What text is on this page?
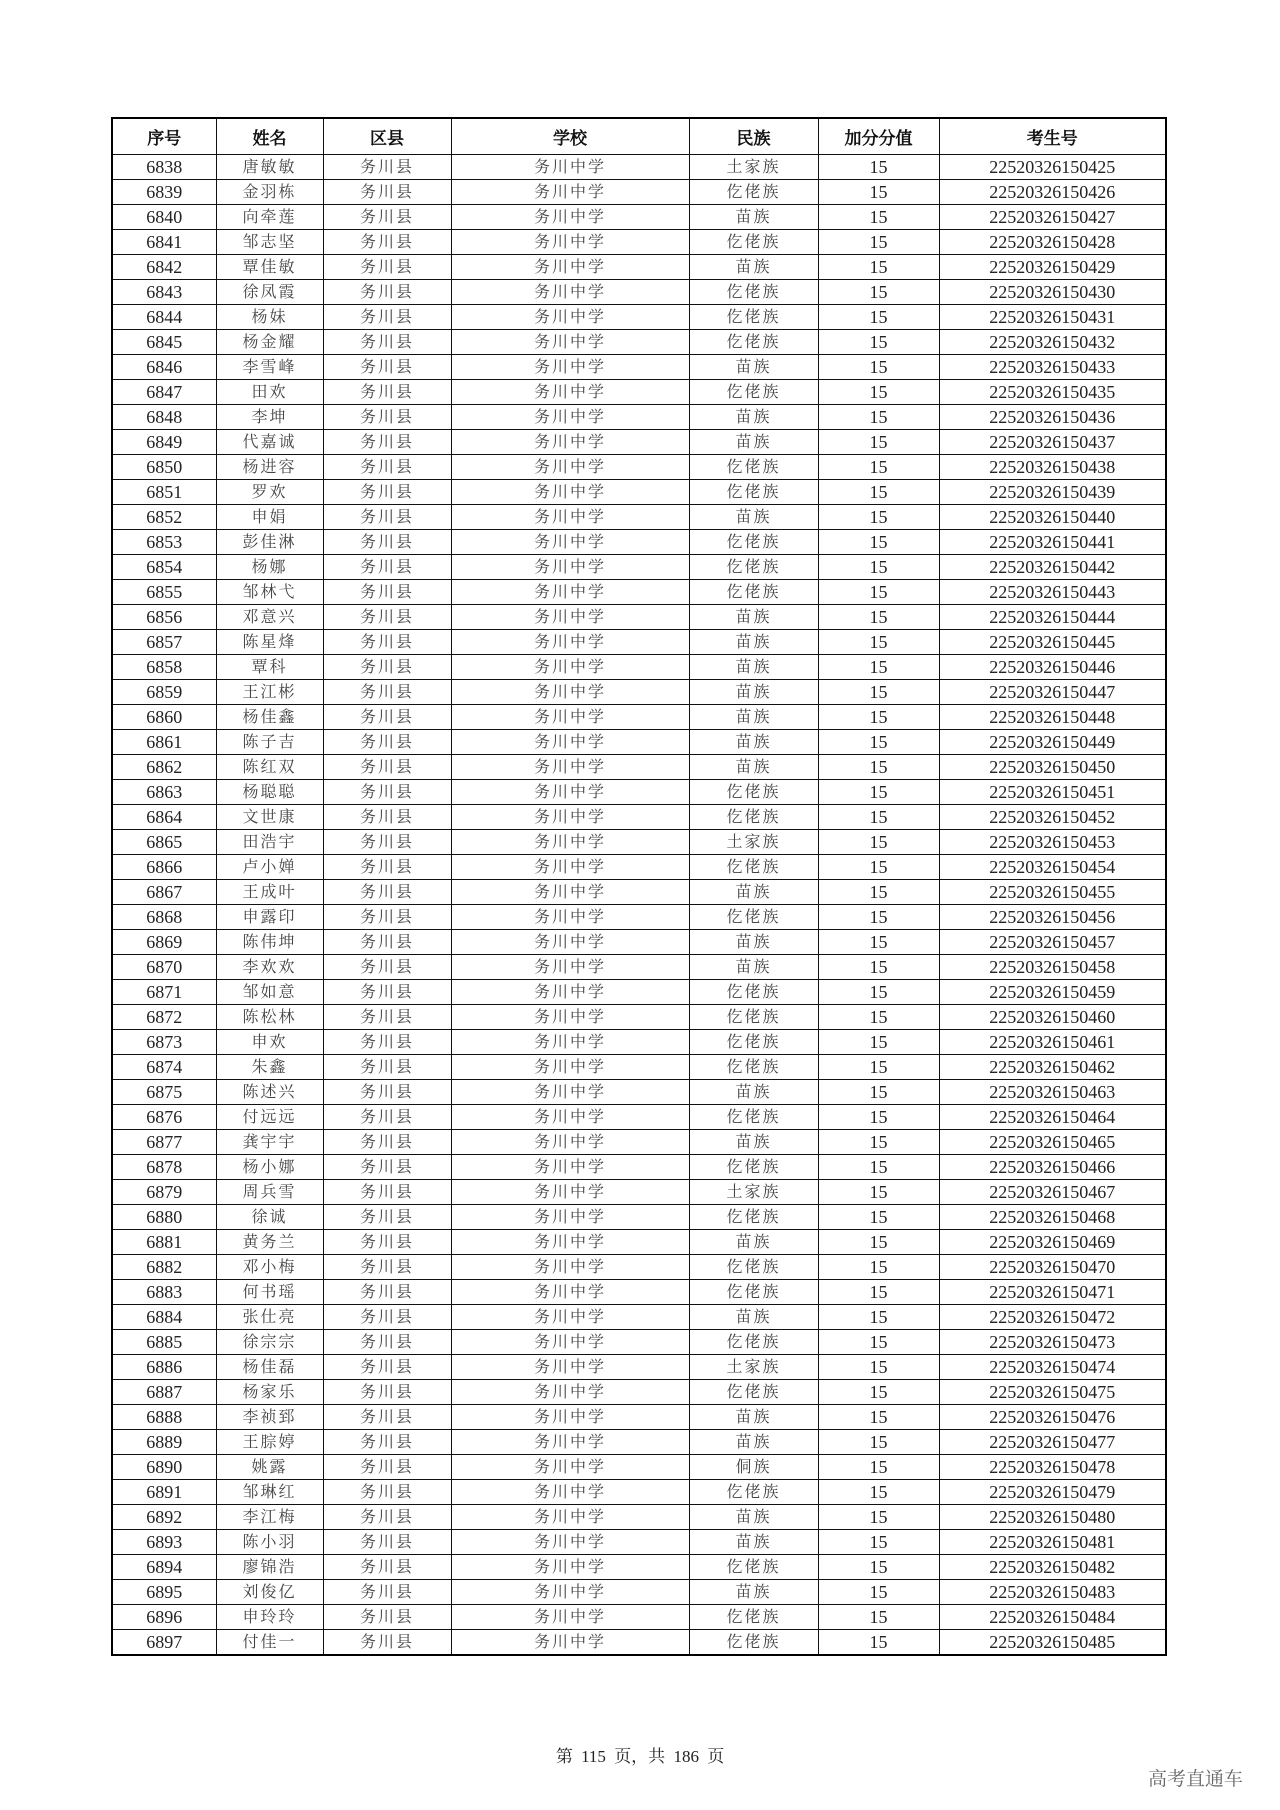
序号	姓名	区县	学校	民族	加分分值	考生号
6838	唐敏敏	务川县	务川中学	土家族	15	22520326150425
6839	金羽栋	务川县	务川中学	仡佬族	15	22520326150426
6840	向牵莲	务川县	务川中学	苗族	15	22520326150427
6841	邹志坚	务川县	务川中学	仡佬族	15	22520326150428
6842	覃佳敏	务川县	务川中学	苗族	15	22520326150429
6843	徐凤霞	务川县	务川中学	仡佬族	15	22520326150430
6844	杨妹	务川县	务川中学	仡佬族	15	22520326150431
6845	杨金耀	务川县	务川中学	仡佬族	15	22520326150432
6846	李雪峰	务川县	务川中学	苗族	15	22520326150433
6847	田欢	务川县	务川中学	仡佬族	15	22520326150435
6848	李坤	务川县	务川中学	苗族	15	22520326150436
6849	代嘉诚	务川县	务川中学	苗族	15	22520326150437
6850	杨进容	务川县	务川中学	仡佬族	15	22520326150438
6851	罗欢	务川县	务川中学	仡佬族	15	22520326150439
6852	申娟	务川县	务川中学	苗族	15	22520326150440
6853	彭佳淋	务川县	务川中学	仡佬族	15	22520326150441
6854	杨娜	务川县	务川中学	仡佬族	15	22520326150442
6855	邹林弋	务川县	务川中学	仡佬族	15	22520326150443
6856	邓意兴	务川县	务川中学	苗族	15	22520326150444
6857	陈星烽	务川县	务川中学	苗族	15	22520326150445
6858	覃科	务川县	务川中学	苗族	15	22520326150446
6859	王江彬	务川县	务川中学	苗族	15	22520326150447
6860	杨佳鑫	务川县	务川中学	苗族	15	22520326150448
6861	陈子吉	务川县	务川中学	苗族	15	22520326150449
6862	陈红双	务川县	务川中学	苗族	15	22520326150450
6863	杨聪聪	务川县	务川中学	仡佬族	15	22520326150451
6864	文世康	务川县	务川中学	仡佬族	15	22520326150452
6865	田浩宇	务川县	务川中学	土家族	15	22520326150453
6866	卢小婵	务川县	务川中学	仡佬族	15	22520326150454
6867	王成叶	务川县	务川中学	苗族	15	22520326150455
6868	申露印	务川县	务川中学	仡佬族	15	22520326150456
6869	陈伟坤	务川县	务川中学	苗族	15	22520326150457
6870	李欢欢	务川县	务川中学	苗族	15	22520326150458
6871	邹如意	务川县	务川中学	仡佬族	15	22520326150459
6872	陈松林	务川县	务川中学	仡佬族	15	22520326150460
6873	申欢	务川县	务川中学	仡佬族	15	22520326150461
6874	朱鑫	务川县	务川中学	仡佬族	15	22520326150462
6875	陈述兴	务川县	务川中学	苗族	15	22520326150463
6876	付远远	务川县	务川中学	仡佬族	15	22520326150464
6877	龚宇宇	务川县	务川中学	苗族	15	22520326150465
6878	杨小娜	务川县	务川中学	仡佬族	15	22520326150466
6879	周兵雪	务川县	务川中学	土家族	15	22520326150467
6880	徐诚	务川县	务川中学	仡佬族	15	22520326150468
6881	黄务兰	务川县	务川中学	苗族	15	22520326150469
6882	邓小梅	务川县	务川中学	仡佬族	15	22520326150470
6883	何书瑶	务川县	务川中学	仡佬族	15	22520326150471
6884	张仕亮	务川县	务川中学	苗族	15	22520326150472
6885	徐宗宗	务川县	务川中学	仡佬族	15	22520326150473
6886	杨佳磊	务川县	务川中学	土家族	15	22520326150474
6887	杨家乐	务川县	务川中学	仡佬族	15	22520326150475
6888	李祯郅	务川县	务川中学	苗族	15	22520326150476
6889	王腙婷	务川县	务川中学	苗族	15	22520326150477
6890	姚露	务川县	务川中学	侗族	15	22520326150478
6891	邹琳红	务川县	务川中学	仡佬族	15	22520326150479
6892	李江梅	务川县	务川中学	苗族	15	22520326150480
6893	陈小羽	务川县	务川中学	苗族	15	22520326150481
6894	廖锦浩	务川县	务川中学	仡佬族	15	22520326150482
6895	刘俊亿	务川县	务川中学	苗族	15	22520326150483
6896	申玲玲	务川县	务川中学	仡佬族	15	22520326150484
6897	付佳一	务川县	务川中学	仡佬族	15	22520326150485
第 115 页，共 186 页
高考直通车
